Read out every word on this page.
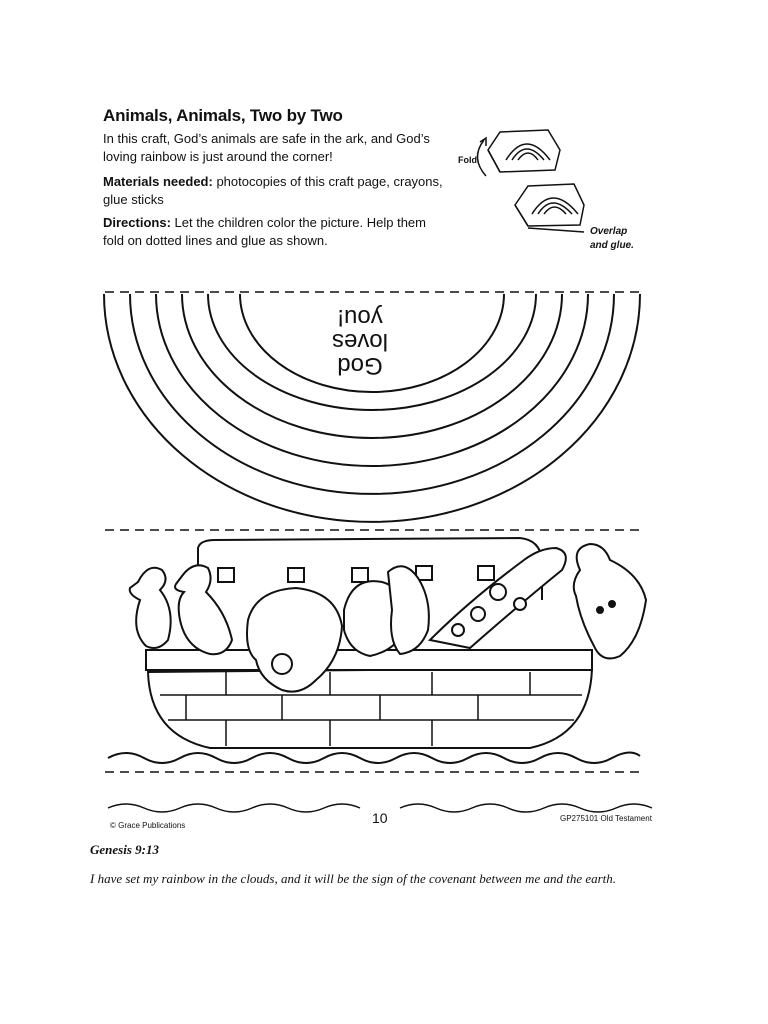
Animals, Animals, Two by Two
In this craft, God’s animals are safe in the ark, and God’s loving rainbow is just around the corner!
Materials needed: photocopies of this craft page, crayons, glue sticks
Directions: Let the children color the picture. Help them fold on dotted lines and glue as shown.
Fold.
Overlap
and glue.
God
loves
you!
© Grace Publications	10	GP275101 Old Testament
Genesis 9:13
I have set my rainbow in the clouds, and it will be the sign of the covenant between me and the earth.
